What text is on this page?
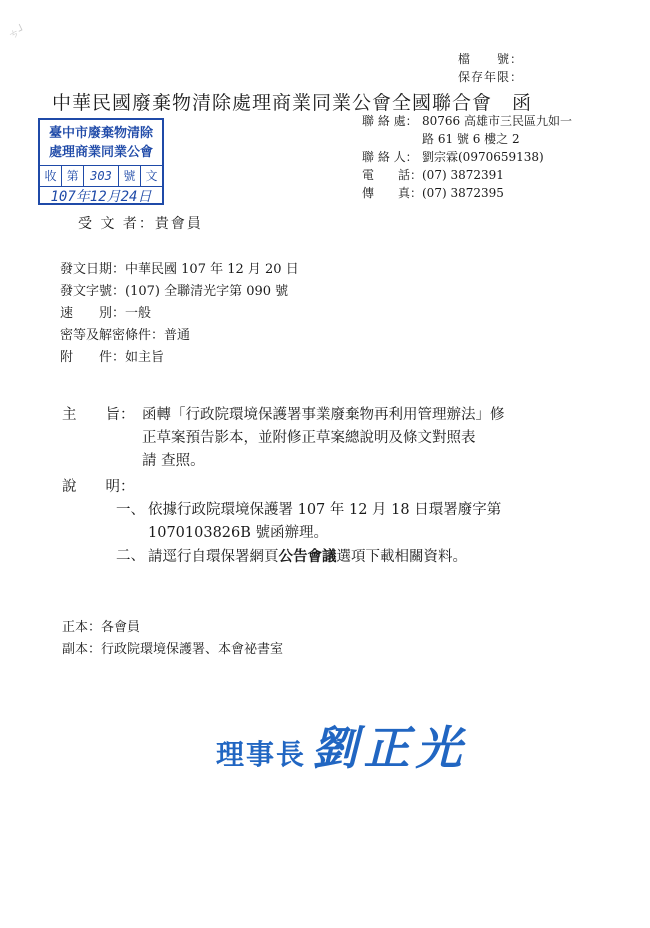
ㄘ┘
檔　　號：
保存年限：
中華民國廢棄物清除處理商業同業公會全國聯合會　函
臺中市廢棄物清除
處理商業同業公會
收 第 303 號 文
107年12月24日
聯 絡 處： 80766 高雄市三民區九如一
路 61 號 6 樓之 2
聯 絡 人： 劉宗霖(0970659138)
電　　話： (07) 3872391
傳　　真： (07) 3872395
受 文 者：貴會員
發文日期： 中華民國 107 年 12 月 20 日
發文字號： (107) 全聯清光字第 090 號
速　　別： 一般
密等及解密條件： 普通
附　　件： 如主旨
主　　旨： 函轉「行政院環境保護署事業廢棄物再利用管理辦法」修
正草案預告影本，並附修正草案總說明及條文對照表
請 查照。
說　　明：
一、 依據行政院環境保護署 107 年 12 月 18 日環署廢字第
1070103826B 號函辦理。
二、 請逕行自環保署網頁公告會議選項下載相關資料。
正本：各會員
副本：行政院環境保護署、本會祕書室
理事長 劉正光
